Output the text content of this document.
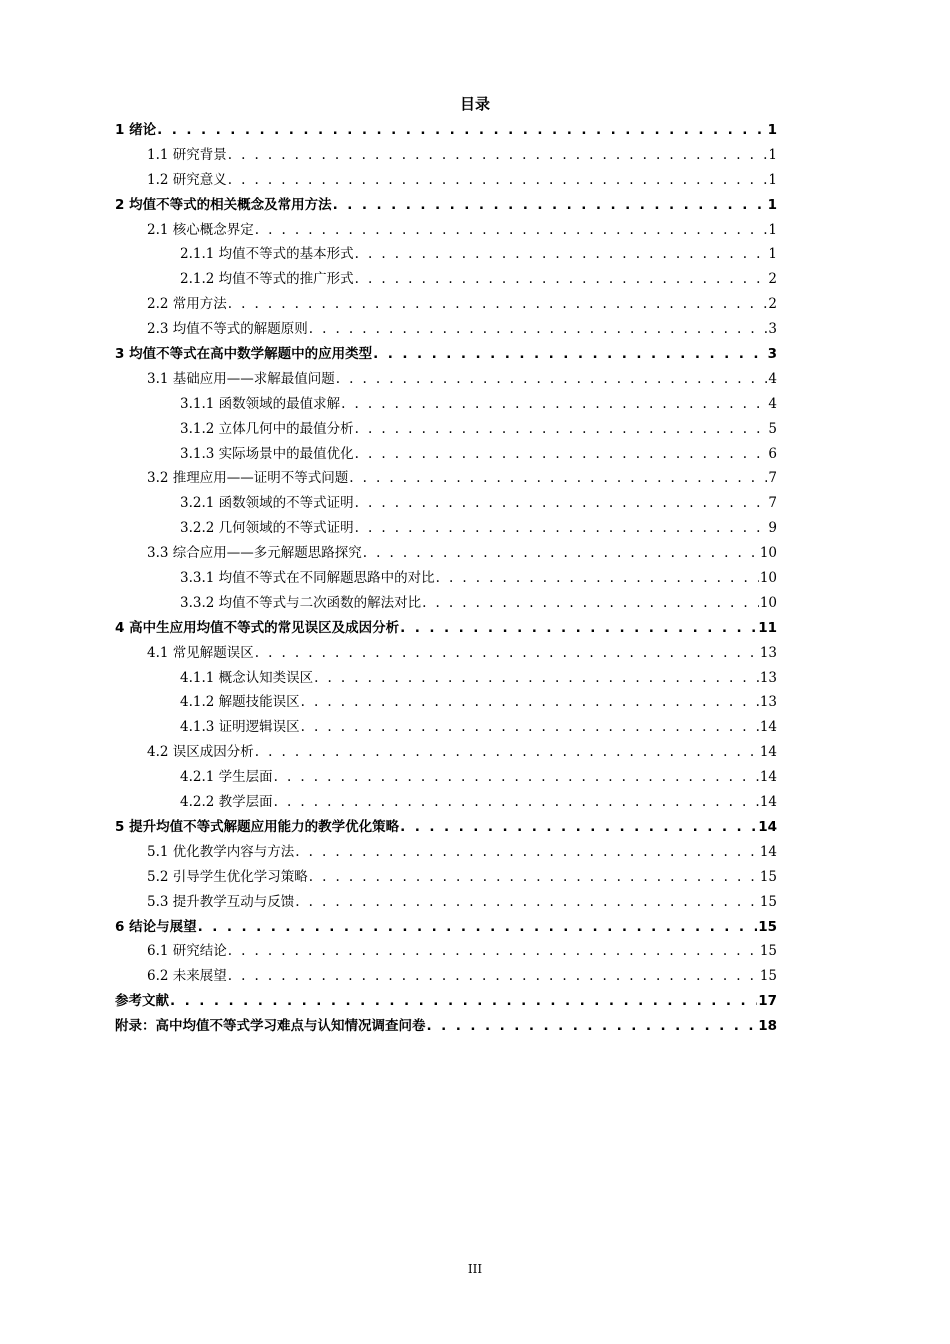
目录
1 绪论 . . .	1
1.1 研究背景 . . .	1
1.2 研究意义 . . .	1
2 均值不等式的相关概念及常用方法 . . .	1
2.1 核心概念界定 . . .	1
2.1.1 均值不等式的基本形式 . . .	1
2.1.2 均值不等式的推广形式 . . .	2
2.2 常用方法 . . .	2
2.3 均值不等式的解题原则 . . .	3
3 均值不等式在高中数学解题中的应用类型 . . .	3
3.1 基础应用——求解最值问题 . . .	4
3.1.1 函数领域的最值求解 . . .	4
3.1.2 立体几何中的最值分析 . . .	5
3.1.3 实际场景中的最值优化 . . .	6
3.2 推理应用——证明不等式问题 . . .	7
3.2.1 函数领域的不等式证明 . . .	7
3.2.2 几何领域的不等式证明 . . .	9
3.3 综合应用——多元解题思路探究 . . .	10
3.3.1 均值不等式在不同解题思路中的对比 . . .	10
3.3.2 均值不等式与二次函数的解法对比 . . .	10
4 高中生应用均值不等式的常见误区及成因分析 . . .	11
4.1 常见解题误区 . . .	13
4.1.1 概念认知类误区 . . .	13
4.1.2 解题技能误区 . . .	13
4.1.3 证明逻辑误区 . . .	14
4.2 误区成因分析 . . .	14
4.2.1 学生层面 . . .	14
4.2.2 教学层面 . . .	14
5 提升均值不等式解题应用能力的教学优化策略 . . .	14
5.1 优化教学内容与方法 . . .	14
5.2 引导学生优化学习策略 . . .	15
5.3 提升教学互动与反馈 . . .	15
6 结论与展望 . . .	15
6.1 研究结论 . . .	15
6.2 未来展望 . . .	15
参考文献 . . .	17
附录：高中均值不等式学习难点与认知情况调查问卷 . . .	18
III
